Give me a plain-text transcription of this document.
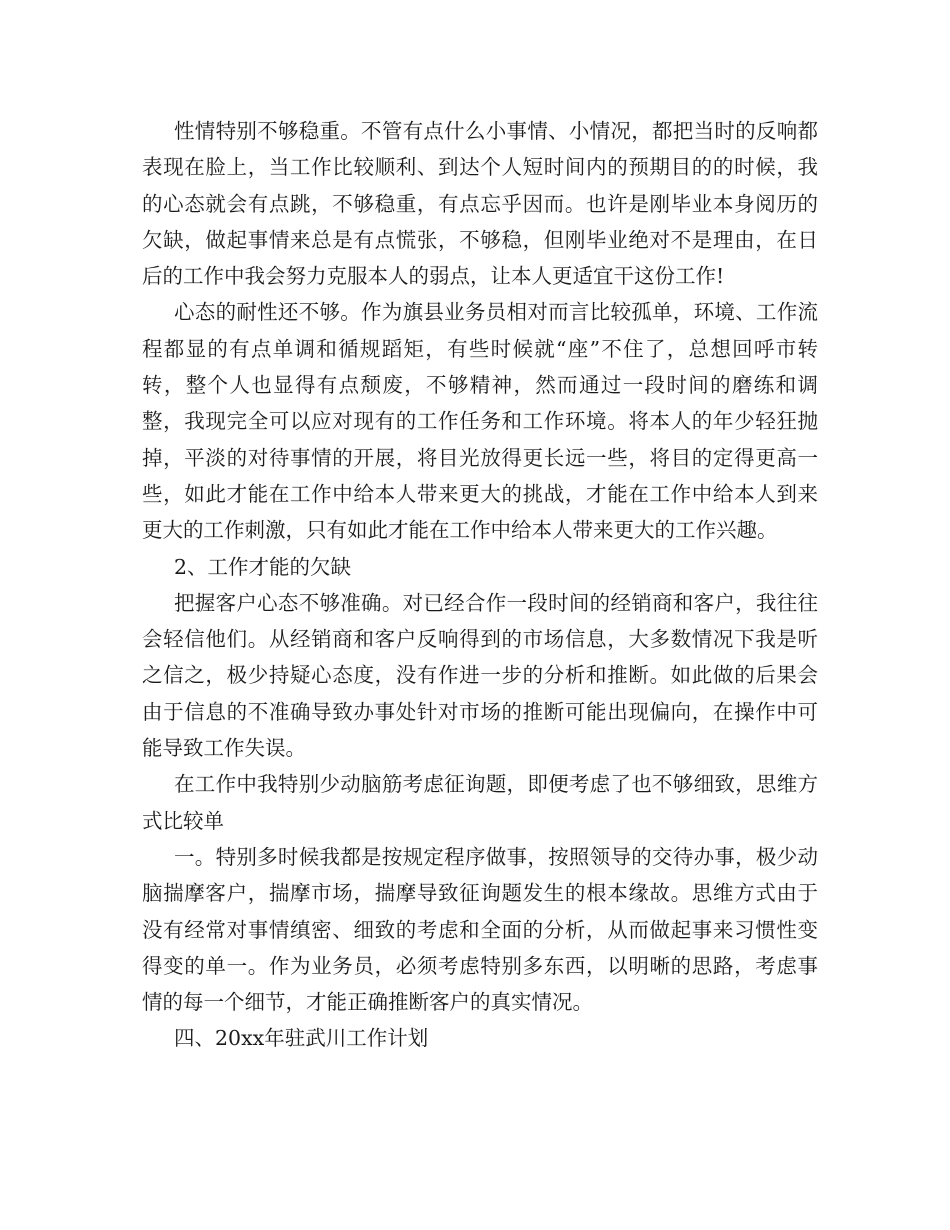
性情特别不够稳重。不管有点什么小事情、小情况，都把当时的反响都表现在脸上，当工作比较顺利、到达个人短时间内的预期目的的时候，我的心态就会有点跳，不够稳重，有点忘乎因而。也许是刚毕业本身阅历的欠缺，做起事情来总是有点慌张，不够稳，但刚毕业绝对不是理由，在日后的工作中我会努力克服本人的弱点，让本人更适宜干这份工作!

心态的耐性还不够。作为旗县业务员相对而言比较孤单，环境、工作流程都显的有点单调和循规蹈矩，有些时候就“座”不住了，总想回呼市转转，整个人也显得有点颓废，不够精神，然而通过一段时间的磨练和调整，我现完全可以应对现有的工作任务和工作环境。将本人的年少轻狂抛掉，平淡的对待事情的开展，将目光放得更长远一些，将目的定得更高一些，如此才能在工作中给本人带来更大的挑战，才能在工作中给本人到来更大的工作刺激，只有如此才能在工作中给本人带来更大的工作兴趣。

2、工作才能的欠缺

把握客户心态不够准确。对已经合作一段时间的经销商和客户，我往往会轻信他们。从经销商和客户反响得到的市场信息，大多数情况下我是听之信之，极少持疑心态度，没有作进一步的分析和推断。如此做的后果会由于信息的不准确导致办事处针对市场的推断可能出现偏向，在操作中可能导致工作失误。

在工作中我特别少动脑筋考虑征询题，即便考虑了也不够细致，思维方式比较单

一。特别多时候我都是按规定程序做事，按照领导的交待办事，极少动脑揣摩客户，揣摩市场，揣摩导致征询题发生的根本缘故。思维方式由于没有经常对事情缜密、细致的考虑和全面的分析，从而做起事来习惯性变得变的单一。作为业务员，必须考虑特别多东西，以明晰的思路，考虑事情的每一个细节，才能正确推断客户的真实情况。

四、20xx年驻武川工作计划
